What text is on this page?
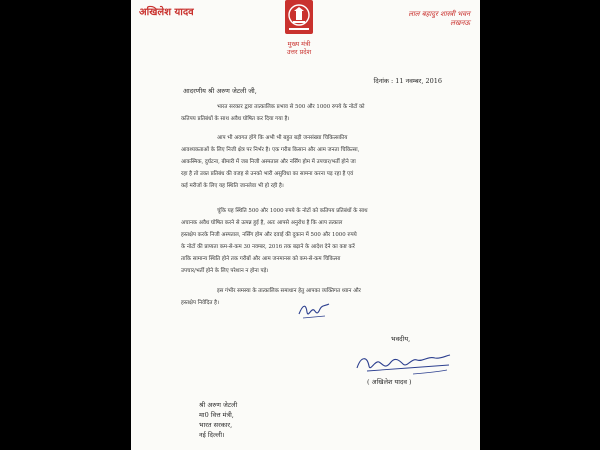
अखिलेश यादव	लाल बहादुर शास्त्री भवन
लखनऊ
मुख्य मंत्री
उत्तर प्रदेश
दिनांक : 11 नवम्बर, 2016
आदरणीय श्री अरुण जेटली जी,
भारत सरकार द्वारा तात्कालिक प्रभाव से 500 और 1000 रुपये के नोटों को
कतिपय प्रतिबंधों के साथ अवैध घोषित कर दिया गया है।
आप भी अवगत होंगे कि अभी भी बहुत बड़ी जनसंख्या चिकित्सकीय
आवश्यकताओं के लिए निजी क्षेत्र पर निर्भर है। एक गरीब किसान और आम जनता चिकित्सा,
आकस्मिक, दुर्घटना, बीमारी में जब निजी अस्पताल और नर्सिंग होम में उपचार/भर्ती होने जा
रहा है तो उक्त प्रतिबंध की वजह से उनको भारी असुविधा का सामना करना पड़ रहा है एवं
कई मरीजों के लिए यह स्थिति जानलेवा भी हो रही है।
चूंकि यह स्थिति 500 और 1000 रुपये के नोटों को कतिपय प्रतिबंधों के साथ
अचानक अवैध घोषित करने से उत्पन्न हुई है, अतः आपसे अनुरोध है कि आप तत्काल
हस्तक्षेप करके निजी अस्पताल, नर्सिंग होम और दवाई की दुकान में 500 और 1000 रुपये
के नोटों की प्राप्यता कम-से-कम 30 नवम्बर, 2016 तक बढ़ाने के आदेश देने का कष्ट करें
ताकि सामान्य स्थिति होने तक गरीबों और आम जनमानस को कम-से-कम चिकित्सा
उपचार/भर्ती होने के लिए परेशान न होना पड़े।
इस गंभीर समस्या के तात्कालिक समाधान हेतु आपका व्यक्तिगत ध्यान और
हस्तक्षेप निवेदित है।
भवदीय,
( अखिलेश यादव )
श्री अरुण जेटली
मा0 वित्त मंत्री,
भारत सरकार,
नई दिल्ली।
